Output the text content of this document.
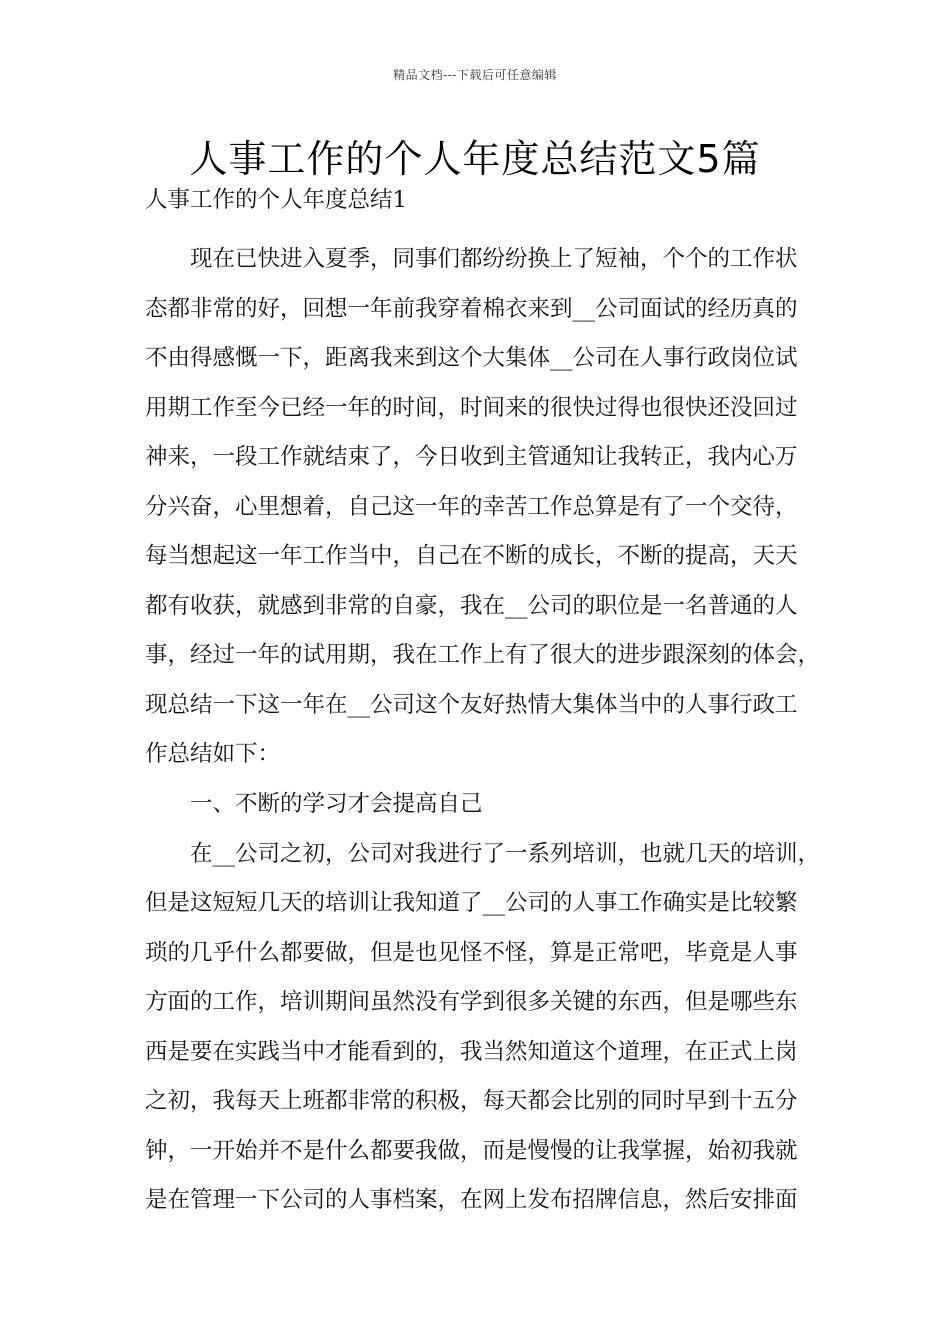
精品文档---下载后可任意编辑
人事工作的个人年度总结范文5篇
人事工作的个人年度总结1
现在已快进入夏季，同事们都纷纷换上了短袖，个个的工作状
态都非常的好，回想一年前我穿着棉衣来到__公司面试的经历真的
不由得感慨一下，距离我来到这个大集体__公司在人事行政岗位试
用期工作至今已经一年的时间，时间来的很快过得也很快还没回过
神来，一段工作就结束了，今日收到主管通知让我转正，我内心万
分兴奋，心里想着，自己这一年的幸苦工作总算是有了一个交待，
每当想起这一年工作当中，自己在不断的成长，不断的提高，天天
都有收获，就感到非常的自豪，我在__公司的职位是一名普通的人
事，经过一年的试用期，我在工作上有了很大的进步跟深刻的体会，
现总结一下这一年在__公司这个友好热情大集体当中的人事行政工
作总结如下：
一、不断的学习才会提高自己
在__公司之初，公司对我进行了一系列培训，也就几天的培训，
但是这短短几天的培训让我知道了__公司的人事工作确实是比较繁
琐的几乎什么都要做，但是也见怪不怪，算是正常吧，毕竟是人事
方面的工作，培训期间虽然没有学到很多关键的东西，但是哪些东
西是要在实践当中才能看到的，我当然知道这个道理，在正式上岗
之初，我每天上班都非常的积极，每天都会比别的同时早到十五分
钟，一开始并不是什么都要我做，而是慢慢的让我掌握，始初我就
是在管理一下公司的人事档案，在网上发布招牌信息，然后安排面
